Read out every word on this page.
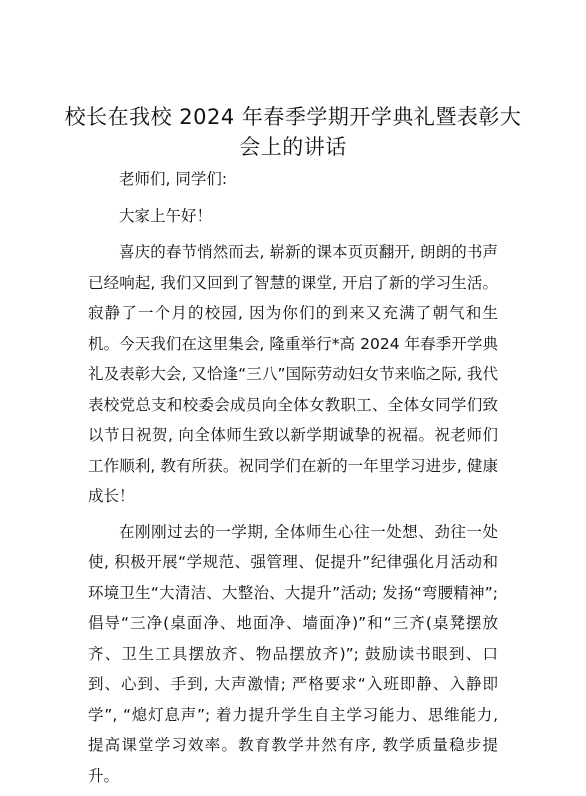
校长在我校 2024 年春季学期开学典礼暨表彰大会上的讲话

老师们, 同学们:

大家上午好！

喜庆的春节悄然而去, 崭新的课本页页翻开, 朗朗的书声已经响起, 我们又回到了智慧的课堂, 开启了新的学习生活。寂静了一个月的校园, 因为你们的到来又充满了朝气和生机。今天我们在这里集会, 隆重举行*高 2024 年春季开学典礼及表彰大会, 又恰逢“三八”国际劳动妇女节来临之际, 我代表校党总支和校委会成员向全体女教职工、全体女同学们致以节日祝贺, 向全体师生致以新学期诚挚的祝福。祝老师们工作顺利, 教有所获。祝同学们在新的一年里学习进步, 健康成长！

在刚刚过去的一学期, 全体师生心往一处想、劲往一处使, 积极开展“学规范、强管理、促提升”纪律强化月活动和环境卫生“大清洁、大整治、大提升”活动; 发扬“弯腰精神”; 倡导“三净(桌面净、地面净、墙面净)”和“三齐(桌凳摆放齐、卫生工具摆放齐、物品摆放齐)”; 鼓励读书眼到、口到、心到、手到, 大声激情; 严格要求“入班即静、入静即学”, “熄灯息声”; 着力提升学生自主学习能力、思维能力, 提高课堂学习效率。教育教学井然有序, 教学质量稳步提升。
